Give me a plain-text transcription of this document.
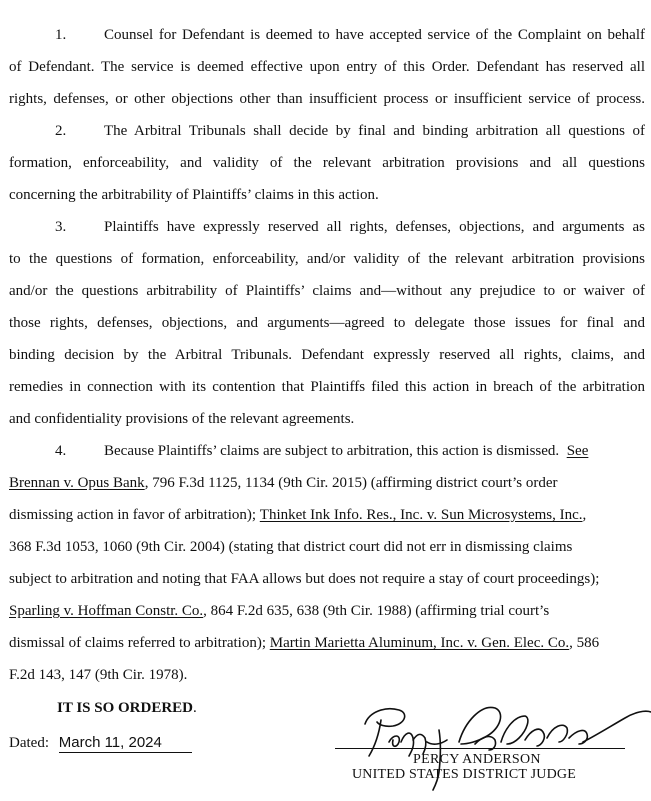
1.	Counsel for Defendant is deemed to have accepted service of the Complaint on behalf
of Defendant. The service is deemed effective upon entry of this Order. Defendant has reserved all
rights, defenses, or other objections other than insufficient process or insufficient service of process.
2.	The Arbitral Tribunals shall decide by final and binding arbitration all questions of
formation, enforceability, and validity of the relevant arbitration provisions and all questions
concerning the arbitrability of Plaintiffs’ claims in this action.
3.	Plaintiffs have expressly reserved all rights, defenses, objections, and arguments as
to the questions of formation, enforceability, and/or validity of the relevant arbitration provisions
and/or the questions arbitrability of Plaintiffs’ claims and—without any prejudice to or waiver of
those rights, defenses, objections, and arguments—agreed to delegate those issues for final and
binding decision by the Arbitral Tribunals. Defendant expressly reserved all rights, claims, and
remedies in connection with its contention that Plaintiffs filed this action in breach of the arbitration
and confidentiality provisions of the relevant agreements.
4.	Because Plaintiffs’ claims are subject to arbitration, this action is dismissed. See
Brennan v. Opus Bank, 796 F.3d 1125, 1134 (9th Cir. 2015) (affirming district court’s order
dismissing action in favor of arbitration); Thinket Ink Info. Res., Inc. v. Sun Microsystems, Inc.,
368 F.3d 1053, 1060 (9th Cir. 2004) (stating that district court did not err in dismissing claims
subject to arbitration and noting that FAA allows but does not require a stay of court proceedings);
Sparling v. Hoffman Constr. Co., 864 F.2d 635, 638 (9th Cir. 1988) (affirming trial court’s
dismissal of claims referred to arbitration); Martin Marietta Aluminum, Inc. v. Gen. Elec. Co., 586
F.2d 143, 147 (9th Cir. 1978).
IT IS SO ORDERED.
Dated: March 11, 2024
PERCY ANDERSON
UNITED STATES DISTRICT JUDGE
